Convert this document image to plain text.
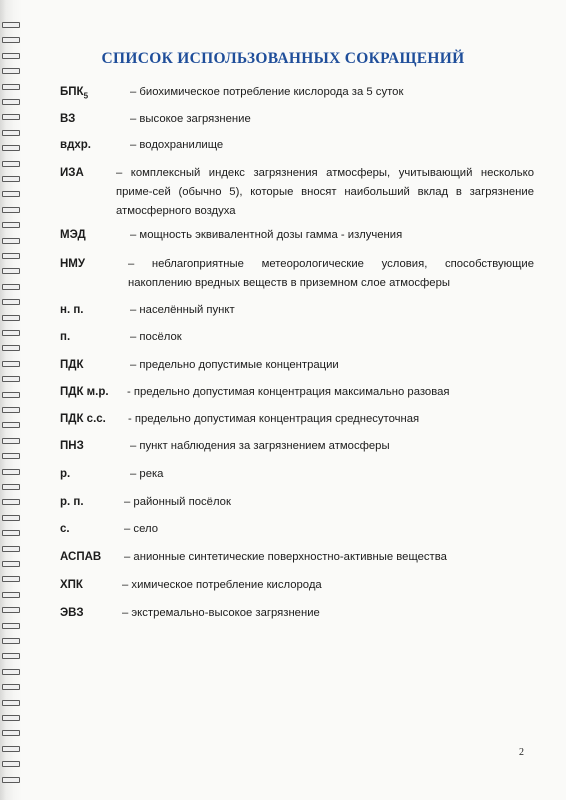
СПИСОК ИСПОЛЬЗОВАННЫХ СОКРАЩЕНИЙ
$БПК_5$	– биохимическое потребление кислорода за 5 суток
ВЗ	– высокое загрязнение
вдхр.	– водохранилище
ИЗА	– комплексный индекс загрязнения атмосферы, учитывающий несколько приме-сей (обычно 5), которые вносят наибольший вклад в загрязнение атмосферного воздуха
МЭД	– мощность эквивалентной дозы гамма - излучения
НМУ	– неблагоприятные метеорологические условия, способствующие накоплению вредных веществ в приземном слое атмосферы
н. п.	– населённый пункт
п.	– посёлок
ПДК	– предельно допустимые концентрации
ПДК м.р. - предельно допустимая концентрация максимально разовая
ПДК с.с. - предельно допустимая концентрация среднесуточная
ПНЗ	– пункт наблюдения за загрязнением атмосферы
р.	– река
р. п.	– районный посёлок
с.	– село
АСПАВ – анионные синтетические поверхностно-активные вещества
ХПК	– химическое потребление кислорода
ЭВЗ	– экстремально-высокое загрязнение
2
